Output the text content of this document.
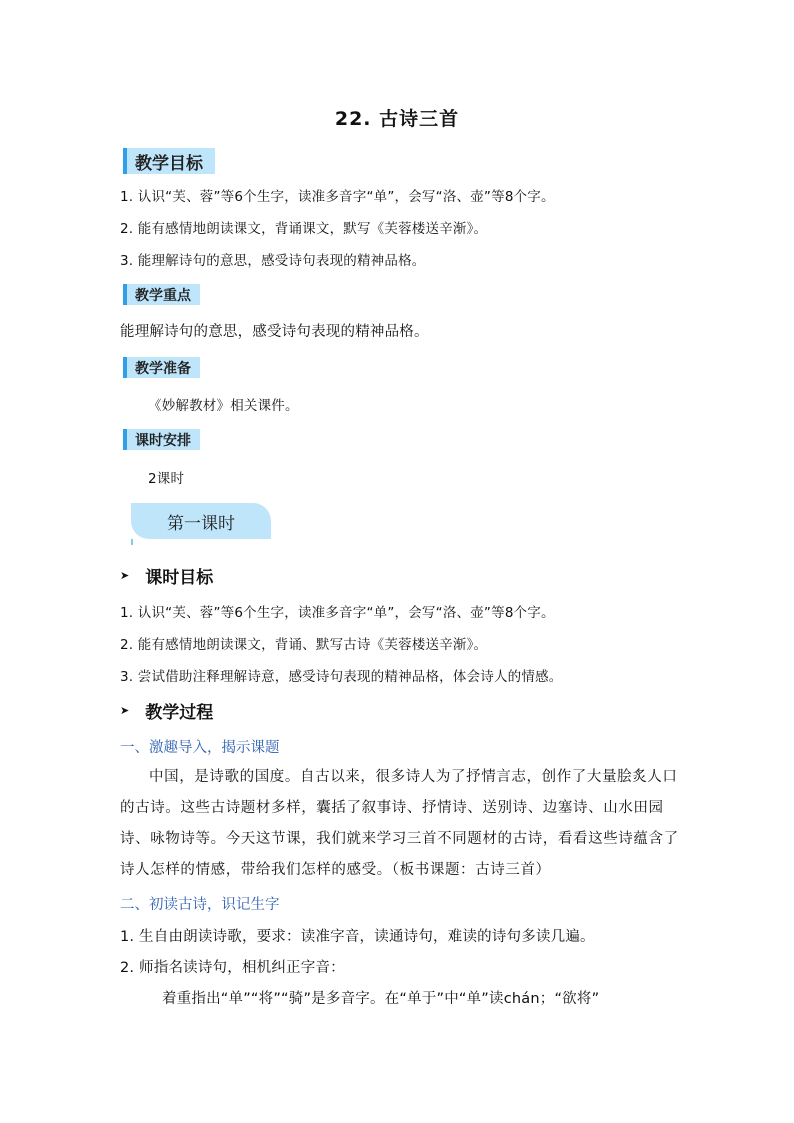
22. 古诗三首
教学目标
1. 认识“芙、蓉”等6个生字，读准多音字“单”，会写“洛、壶”等8个字。
2. 能有感情地朗读课文，背诵课文，默写《芙蓉楼送辛渐》。
3. 能理解诗句的意思，感受诗句表现的精神品格。
教学重点
能理解诗句的意思，感受诗句表现的精神品格。
教学准备
《妙解教材》相关课件。
课时安排
2课时
第一课时
➤ 课时目标
1. 认识“芙、蓉”等6个生字，读准多音字“单”，会写“洛、壶”等8个字。
2. 能有感情地朗读课文，背诵、默写古诗《芙蓉楼送辛渐》。
3. 尝试借助注释理解诗意，感受诗句表现的精神品格，体会诗人的情感。
➤ 教学过程
一、激趣导入，揭示课题
中国，是诗歌的国度。自古以来，很多诗人为了抒情言志，创作了大量脍炙人口的古诗。这些古诗题材多样，囊括了叙事诗、抒情诗、送别诗、边塞诗、山水田园诗、咏物诗等。今天这节课，我们就来学习三首不同题材的古诗，看看这些诗蕴含了诗人怎样的情感，带给我们怎样的感受。（板书课题：古诗三首）
二、初读古诗，识记生字
1. 生自由朗读诗歌，要求：读准字音，读通诗句，难读的诗句多读几遍。
2. 师指名读诗句，相机纠正字音：
着重指出“单”“将”“骑”是多音字。在“单于”中“单”读chán；“欲将”
